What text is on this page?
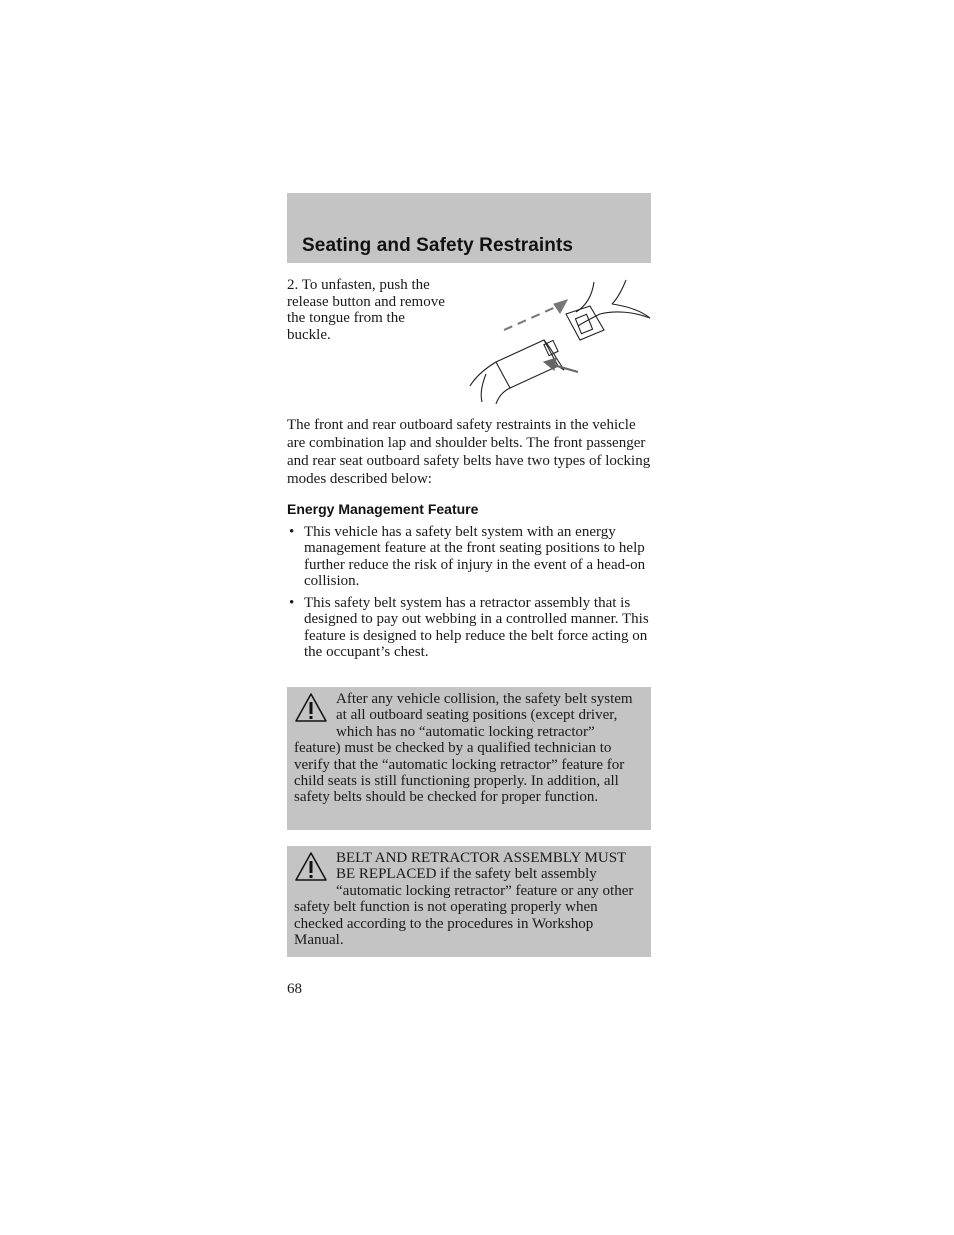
Seating and Safety Restraints

2. To unfasten, push the release button and remove the tongue from the buckle.

The front and rear outboard safety restraints in the vehicle are combination lap and shoulder belts. The front passenger and rear seat outboard safety belts have two types of locking modes described below:

Energy Management Feature
• This vehicle has a safety belt system with an energy management feature at the front seating positions to help further reduce the risk of injury in the event of a head-on collision.
• This safety belt system has a retractor assembly that is designed to pay out webbing in a controlled manner. This feature is designed to help reduce the belt force acting on the occupant’s chest.

After any vehicle collision, the safety belt system at all outboard seating positions (except driver, which has no “automatic locking retractor” feature) must be checked by a qualified technician to verify that the “automatic locking retractor” feature for child seats is still functioning properly. In addition, all safety belts should be checked for proper function.

BELT AND RETRACTOR ASSEMBLY MUST BE REPLACED if the safety belt assembly “automatic locking retractor” feature or any other safety belt function is not operating properly when checked according to the procedures in Workshop Manual.

68
